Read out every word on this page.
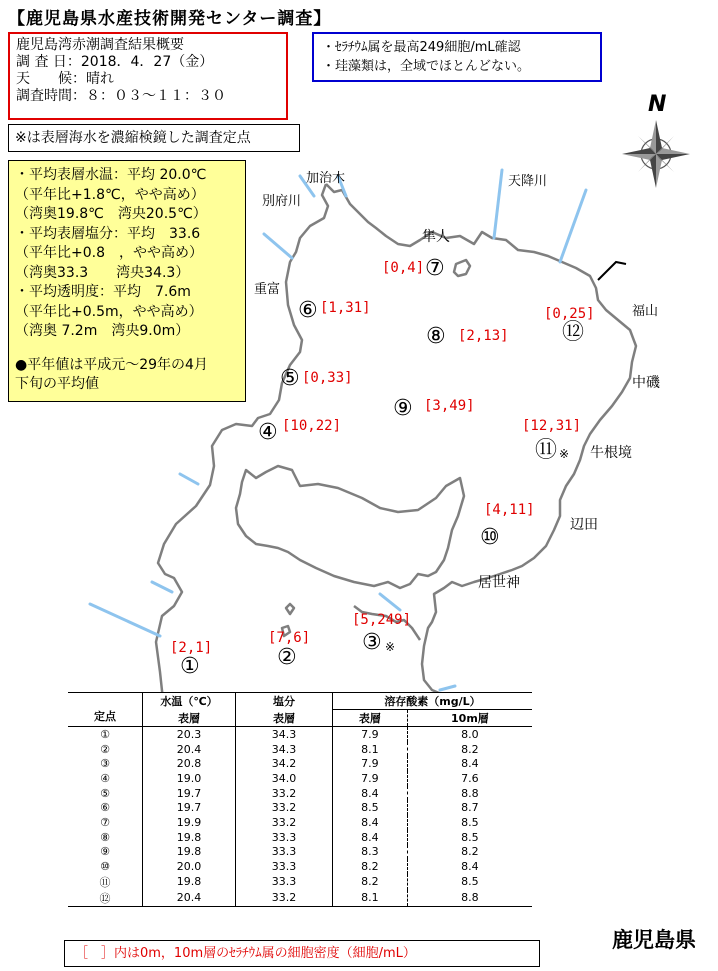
N
【鹿児島県水産技術開発センター調査】
鹿児島湾赤潮調査結果概要
調 査 日：2018．4．27（金）
天　　候：晴れ
調査時間：８：０３～１１：３０
・ｾﾗﾁｳﾑ属を最高249細胞/mL確認
・珪藻類は，全域でほとんどない。
※は表層海水を濃縮検鏡した調査定点
・平均表層水温：平均 20.0℃
（平年比+1.8℃，やや高め）
（湾奥19.8℃　湾央20.5℃）
・平均表層塩分：平均　33.6
（平年比+0.8　，やや高め）
（湾奥33.3　　湾央34.3）
・平均透明度：平均　7.6m
（平年比+0.5m，やや高め）
（湾奥 7.2m　湾央9.0m）
●平年値は平成元～29年の4月
下旬の平均値
加治木
別府川
天降川
隼人
重富
福山
中磯
牛根境
辺田
居世神
[2,1]
[7,6]
[5,249]
[10,22]
[0,33]
[1,31]
[0,4]
[2,13]
[3,49]
[4,11]
[12,31]
[0,25]
①	②
③ ※
④
⑤
⑥
⑦
⑧
⑨
⑩
⑪ ※
⑫
定点	水温（℃）	塩分	溶存酸素（mg/L）	
	表層	表層	表層	10m層
①	20.3	34.3	7.9	8.0
②	20.4	34.3	8.1	8.2
③	20.8	34.2	7.9	8.4
④	19.0	34.0	7.9	7.6
⑤	19.7	33.2	8.4	8.8
⑥	19.7	33.2	8.5	8.7
⑦	19.9	33.2	8.4	8.5
⑧	19.8	33.3	8.4	8.5
⑨	19.8	33.3	8.3	8.2
⑩	20.0	33.3	8.2	8.4
⑪	19.8	33.3	8.2	8.5
⑫	20.4	33.2	8.1	8.8
［　］内は0m，10m層のｾﾗﾁｳﾑ属の細胞密度（細胞/mL）
鹿児島県
